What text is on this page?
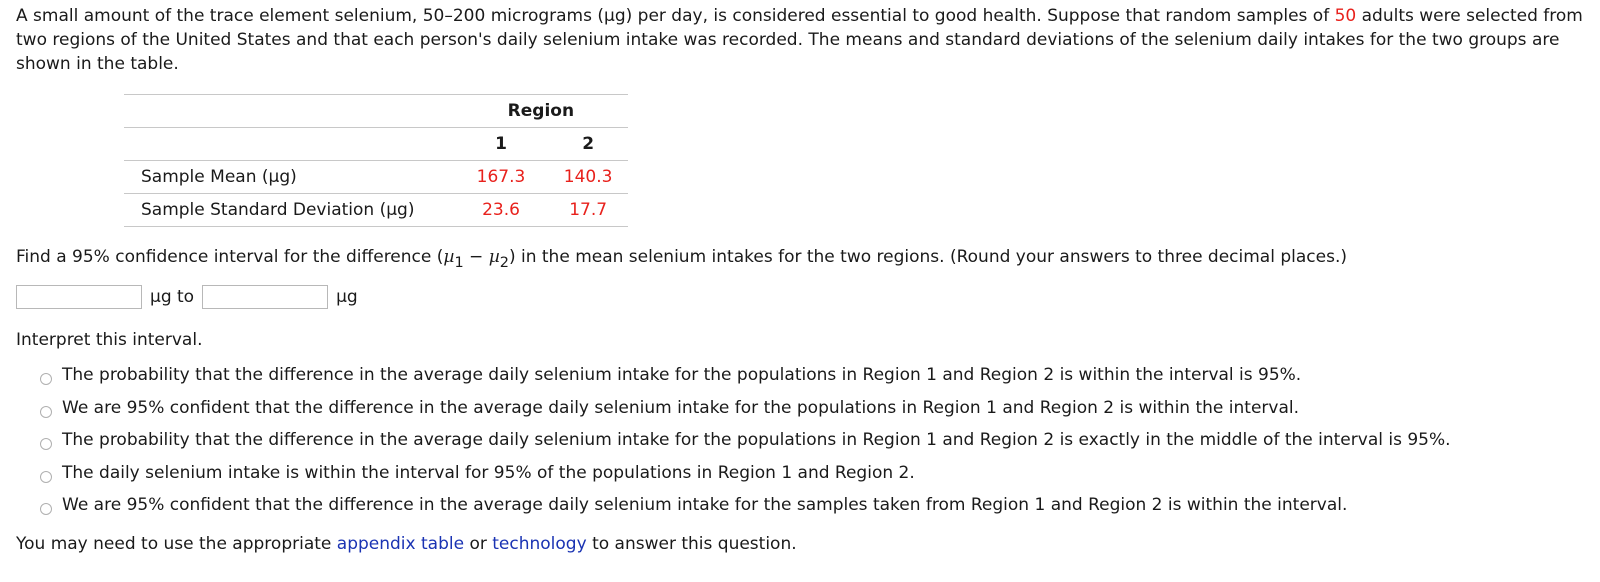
A small amount of the trace element selenium, 50–200 micrograms (µg) per day, is considered essential to good health. Suppose that random samples of 50 adults were selected from two regions of the United States and that each person's daily selenium intake was recorded. The means and standard deviations of the selenium daily intakes for the two groups are shown in the table.

	Region	
	1	2
Sample Mean (µg)	167.3	140.3
Sample Standard Deviation (µg)	23.6	17.7
Find a 95% confidence interval for the difference (µ$_1$ − µ$_2$) in the mean selenium intakes for the two regions. (Round your answers to three decimal places.)
µg to	µg
Interpret this interval.
The probability that the difference in the average daily selenium intake for the populations in Region 1 and Region 2 is within the interval is 95%.
We are 95% confident that the difference in the average daily selenium intake for the populations in Region 1 and Region 2 is within the interval.
The probability that the difference in the average daily selenium intake for the populations in Region 1 and Region 2 is exactly in the middle of the interval is 95%.
The daily selenium intake is within the interval for 95% of the populations in Region 1 and Region 2.
We are 95% confident that the difference in the average daily selenium intake for the samples taken from Region 1 and Region 2 is within the interval.
You may need to use the appropriate appendix table or technology to answer this question.
